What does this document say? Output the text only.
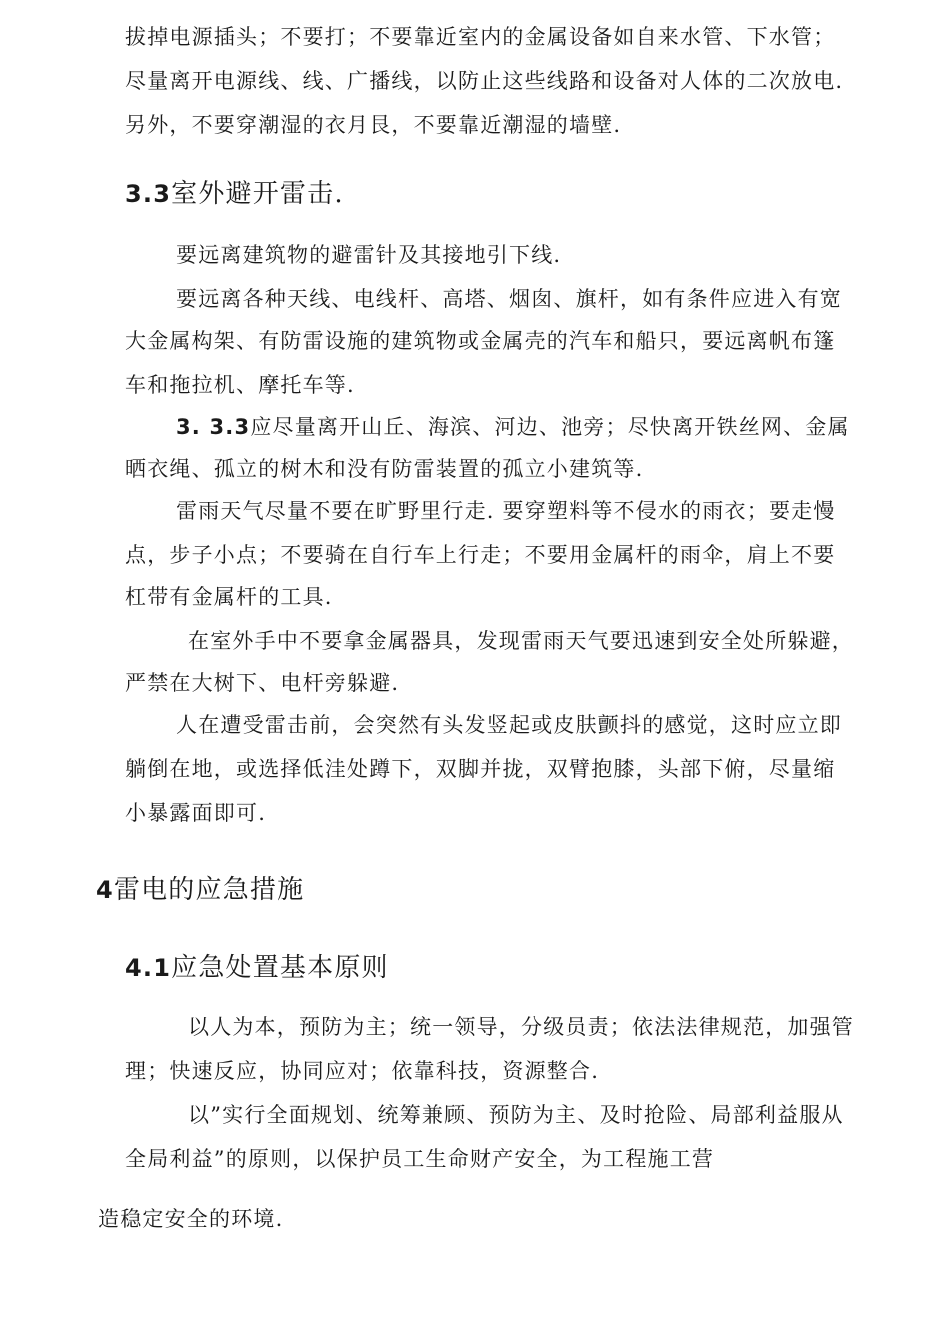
拔掉电源插头；不要打；不要靠近室内的金属设备如自来水管、下水管；
尽量离开电源线、线、广播线，以防止这些线路和设备对人体的二次放电.
另外，不要穿潮湿的衣月艮，不要靠近潮湿的墙壁.
3.3室外避开雷击.
要远离建筑物的避雷针及其接地引下线.
要远离各种天线、电线杆、高塔、烟囱、旗杆，如有条件应进入有宽
大金属构架、有防雷设施的建筑物或金属壳的汽车和船只，要远离帆布篷
车和拖拉机、摩托车等.
3. 3.3应尽量离开山丘、海滨、河边、池旁；尽快离开铁丝网、金属
晒衣绳、孤立的树木和没有防雷装置的孤立小建筑等.
雷雨天气尽量不要在旷野里行走. 要穿塑料等不侵水的雨衣；要走慢
点，步子小点；不要骑在自行车上行走；不要用金属杆的雨伞，肩上不要
杠带有金属杆的工具.
在室外手中不要拿金属器具，发现雷雨天气要迅速到安全处所躲避，
严禁在大树下、电杆旁躲避.
人在遭受雷击前，会突然有头发竖起或皮肤颤抖的感觉，这时应立即
躺倒在地，或选择低洼处蹲下，双脚并拢，双臂抱膝，头部下俯，尽量缩
小暴露面即可.
4雷电的应急措施
4.1应急处置基本原则
以人为本，预防为主；统一领导，分级员责；依法法律规范，加强管
理；快速反应，协同应对；依靠科技，资源整合.
以”实行全面规划、统筹兼顾、预防为主、及时抢险、局部利益服从
全局利益”的原则，以保护员工生命财产安全，为工程施工营
造稳定安全的环境.
